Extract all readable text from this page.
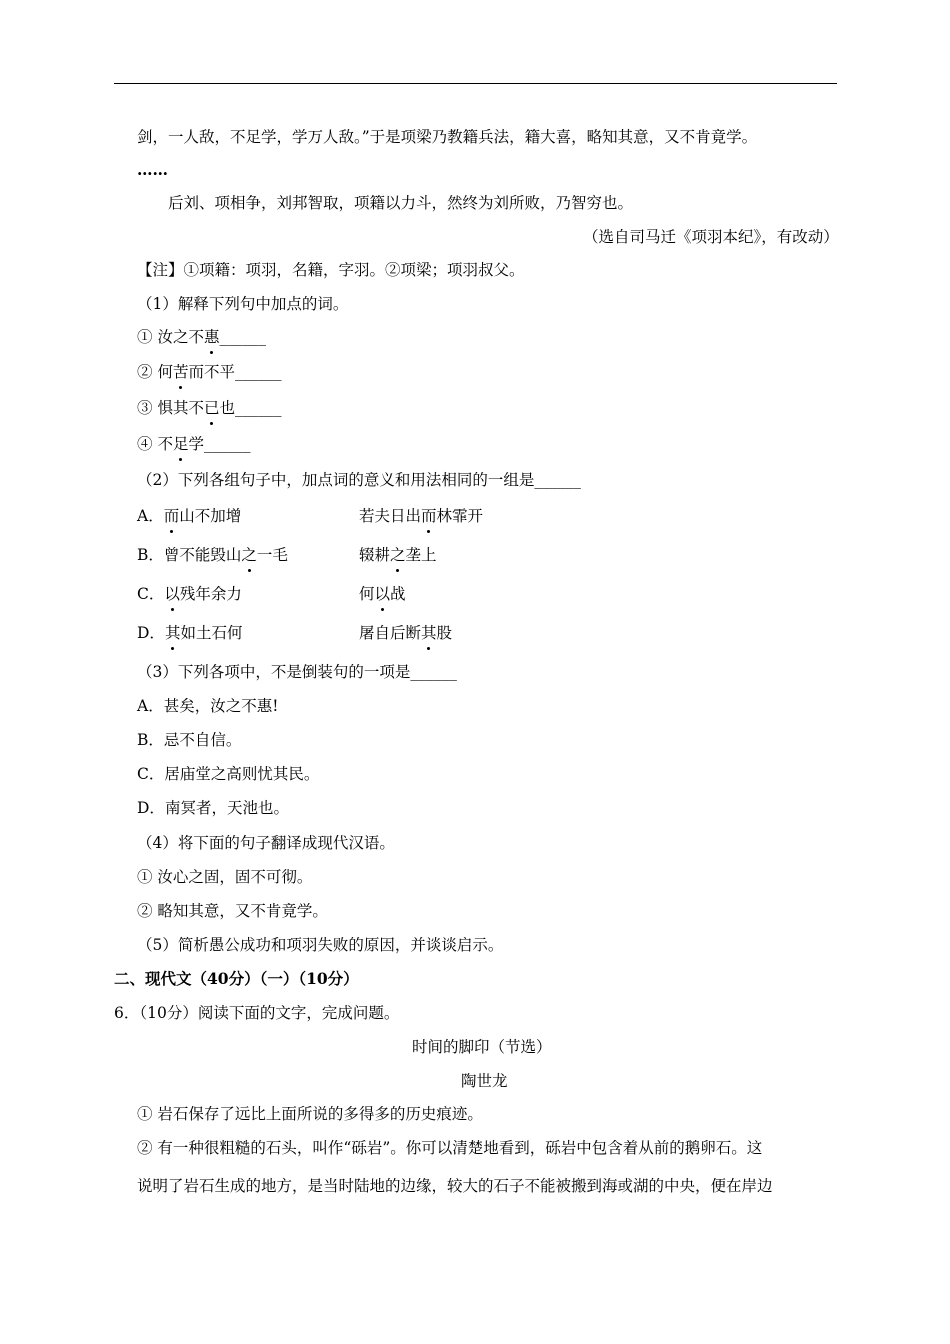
剑，一人敌，不足学，学万人敌。”于是项梁乃教籍兵法，籍大喜，略知其意，又不肯竟学。
……
后刘、项相争，刘邦智取，项籍以力斗，然终为刘所败，乃智穷也。
（选自司马迁《项羽本纪》，有改动）
【注】①项籍：项羽，名籍，字羽。②项梁；项羽叔父。
（1）解释下列句中加点的词。
① 汝之不惠______
② 何苦而不平______
③ 惧其不已也______
④ 不足学______
（2）下列各组句子中，加点词的意义和用法相同的一组是______
A．而山不加增	若夫日出而林霏开
B．曾不能毁山之一毛	辍耕之垄上
C．以残年余力	何以战
D．其如土石何	屠自后断其股
（3）下列各项中，不是倒装句的一项是______
A．甚矣，汝之不惠!
B．忌不自信。
C．居庙堂之高则忧其民。
D．南冥者，天池也。
（4）将下面的句子翻译成现代汉语。
① 汝心之固，固不可彻。
② 略知其意，又不肯竟学。
（5）简析愚公成功和项羽失败的原因，并谈谈启示。
二、现代文（40分）（一）（10分）
6．（10分）阅读下面的文字，完成问题。
时间的脚印（节选）
陶世龙
① 岩石保存了远比上面所说的多得多的历史痕迹。
② 有一种很粗糙的石头，叫作“砾岩”。你可以清楚地看到，砾岩中包含着从前的鹅卵石。这
说明了岩石生成的地方，是当时陆地的边缘，较大的石子不能被搬到海或湖的中央，便在岸边
